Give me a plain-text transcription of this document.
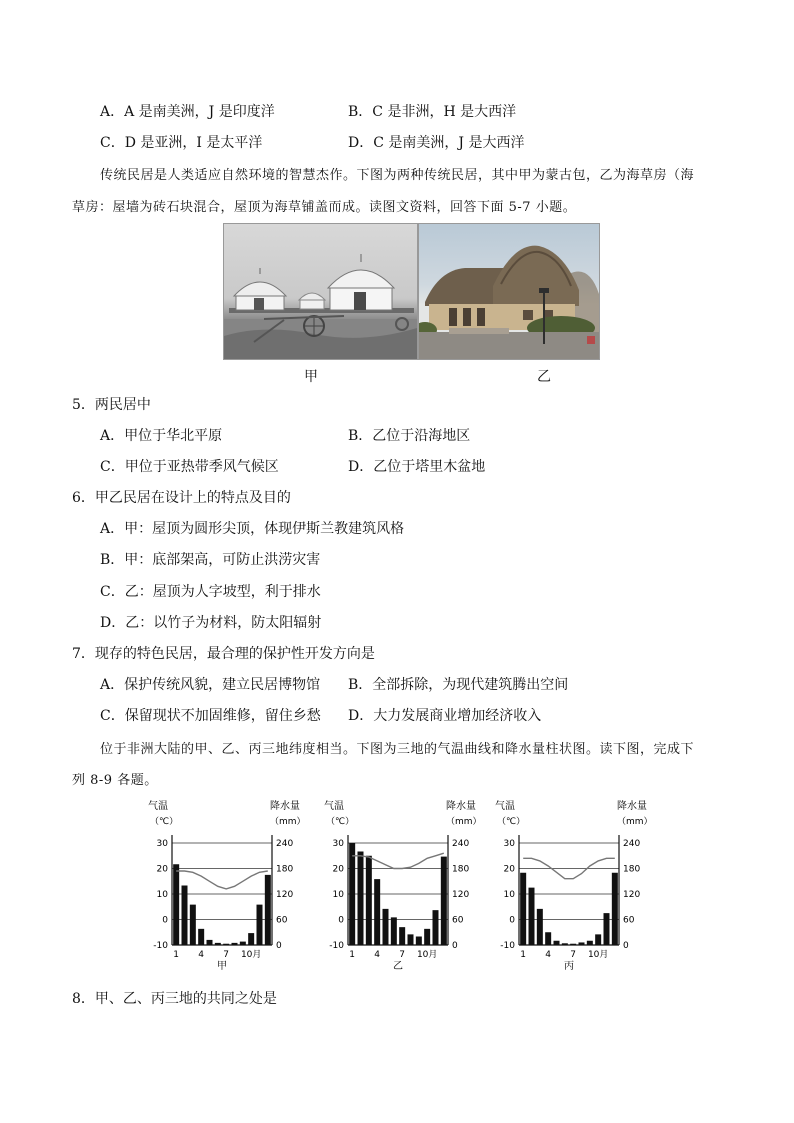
A．A 是南美洲，J 是印度洋	B．C 是非洲，H 是大西洋
C．D 是亚洲，I 是太平洋	D．C 是南美洲，J 是大西洋
传统民居是人类适应自然环境的智慧杰作。下图为两种传统民居，其中甲为蒙古包，乙为海草房（海
草房：屋墙为砖石块混合，屋顶为海草铺盖而成。读图文资料，回答下面 5-7 小题。
甲	乙
5．两民居中
A．甲位于华北平原	B．乙位于沿海地区
C．甲位于亚热带季风气候区	D．乙位于塔里木盆地
6．甲乙民居在设计上的特点及目的
A．甲：屋顶为圆形尖顶，体现伊斯兰教建筑风格
B．甲：底部架高，可防止洪涝灾害
C．乙：屋顶为人字坡型，利于排水
D．乙：以竹子为材料，防太阳辐射
7．现存的特色民居，最合理的保护性开发方向是
A．保护传统风貌，建立民居博物馆 B．全部拆除，为现代建筑腾出空间
C．保留现状不加固维修，留住乡愁 D．大力发展商业增加经济收入
位于非洲大陆的甲、乙、丙三地纬度相当。下图为三地的气温曲线和降水量柱状图。读下图，完成下
列 8-9 各题。
气温
（℃）
降水量
（mm）
30	240
20	180
10	120
0	60
-10	0
1 4 7 10月
甲
气温
（℃）
降水量
（mm）
30	240
20	180
10	120
0	60
-10	0
1 4 7 10月
乙
气温
（℃）
降水量
（mm）
30	240
20	180
10	120
0	60
-10	0
1 4 7 10月
丙
8．甲、乙、丙三地的共同之处是
